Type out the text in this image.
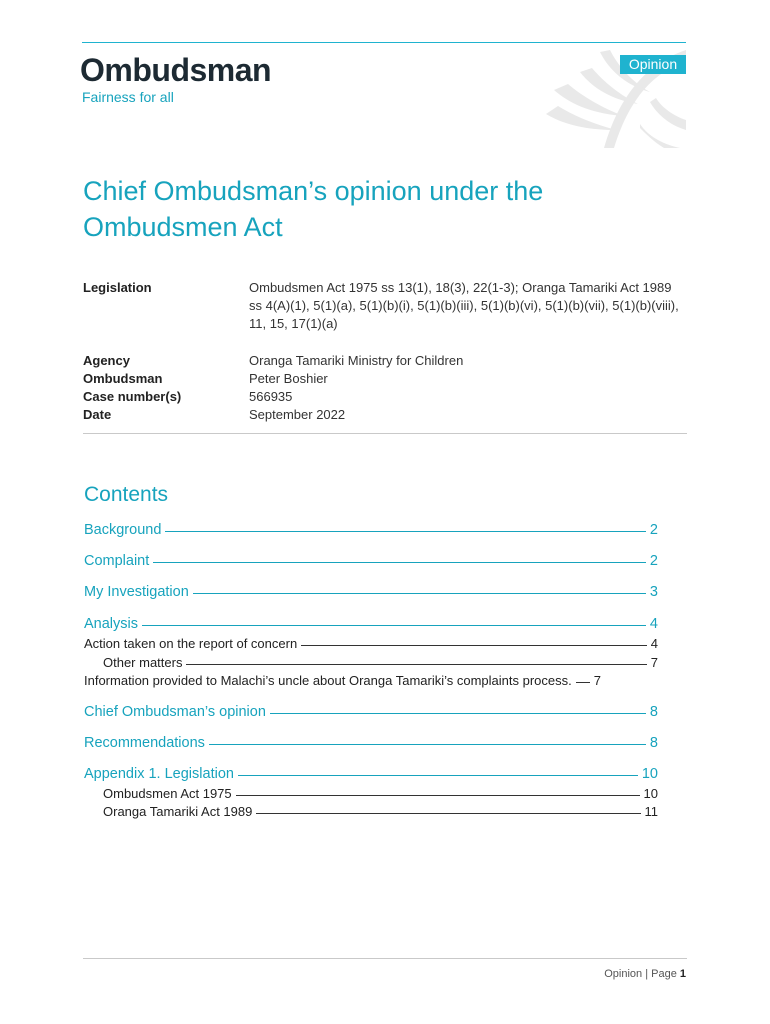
Ombudsman
Fairness for all
Opinion
Chief Ombudsman’s opinion under the Ombudsmen Act
Legislation	Ombudsmen Act 1975 ss 13(1), 18(3), 22(1-3); Oranga Tamariki Act 1989 ss 4(A)(1), 5(1)(a), 5(1)(b)(i), 5(1)(b)(iii), 5(1)(b)(vi), 5(1)(b)(vii), 5(1)(b)(viii), 11, 15, 17(1)(a)
Agency	Oranga Tamariki Ministry for Children
Ombudsman	Peter Boshier
Case number(s)	566935
Date	September 2022
Contents
Background	2
Complaint	2
My Investigation	3
Analysis	4
Action taken on the report of concern	4
Other matters	7
Information provided to Malachi’s uncle about Oranga Tamariki’s complaints process. 7
Chief Ombudsman’s opinion	8
Recommendations	8
Appendix 1. Legislation	10
Ombudsmen Act 1975	10
Oranga Tamariki Act 1989	11
Opinion | Page 1
